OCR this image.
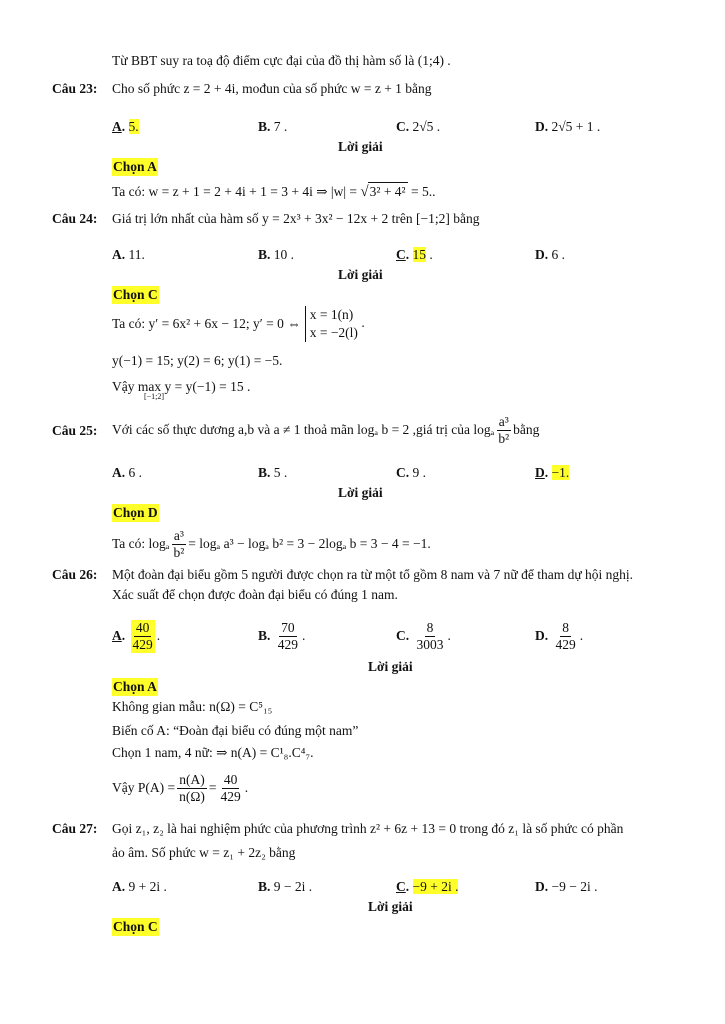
Từ BBT suy ra toạ độ điểm cực đại của đồ thị hàm số là (1;4) .
Câu 23: Cho số phức z = 2 + 4i, mođun của số phức w = z + 1 bằng
A. 5.	B. 7 .	C. 2√5 .	D. 2√5 + 1 .
Lời giải
Chọn A
Ta có: w = z + 1 = 2 + 4i + 1 = 3 + 4i ⇒ |w| = √3² + 4² = 5..
Câu 24: Giá trị lớn nhất của hàm số y = 2x³ + 3x² − 12x + 2 trên [−1;2] bằng
A. 11.	B. 10 .	C. 15 .	D. 6 .
Lời giải
Chọn C
Ta có: y′ = 6x² + 6x − 12; y′ = 0 ⇔
x = 1(n)
x = −2(l)
.
y(−1) = 15; y(2) = 6; y(1) = −5.
Vậy max y = y(−1) = 15 .
[−1;2]
Câu 25: Với các số thực dương a,b và a ≠ 1 thoả mãn logₐ b = 2 ,giá trị của logₐ $\frac{\text{a³}}{\text{b²}}$ bằng
A. 6 .	B. 5 .	C. 9 .	D. −1.
Lời giải
Chọn D
Ta có: logₐ $\frac{\text{a³}}{\text{b²}} = \log_a$ a³ − logₐ b² = 3 − 2logₐ b = 3 − 4 = −1.
Câu 26: Một đoàn đại biểu gồm 5 người được chọn ra từ một tổ gồm 8 nam và 7 nữ để tham dự hội nghị.
Xác suất để chọn được đoàn đại biểu có đúng 1 nam.
A. $\frac{40}{429}$ .	B. $\frac{70}{429}$ .	C. $\frac{8}{3003}$ .	D. $\frac{8}{429}$ .
Lời giải
Chọn A
Không gian mẫu: n(Ω) = C⁵₁₅
Biến cố A: “Đoàn đại biểu có đúng một nam”
Chọn 1 nam, 4 nữ: ⇒ n(A) = C¹₈.C⁴₇.
Vậy $P(A) = \frac{n(A)}{n(\Omega)} = \frac{40}{429}$ .
Câu 27: Gọi z₁, z₂ là hai nghiệm phức của phương trình z² + 6z + 13 = 0 trong đó z₁ là số phức có phần
ảo âm. Số phức w = z₁ + 2z₂ bằng
A. 9 + 2i .	B. 9 − 2i .	C. −9 + 2i .	D. −9 − 2i .
Lời giải
Chọn C
